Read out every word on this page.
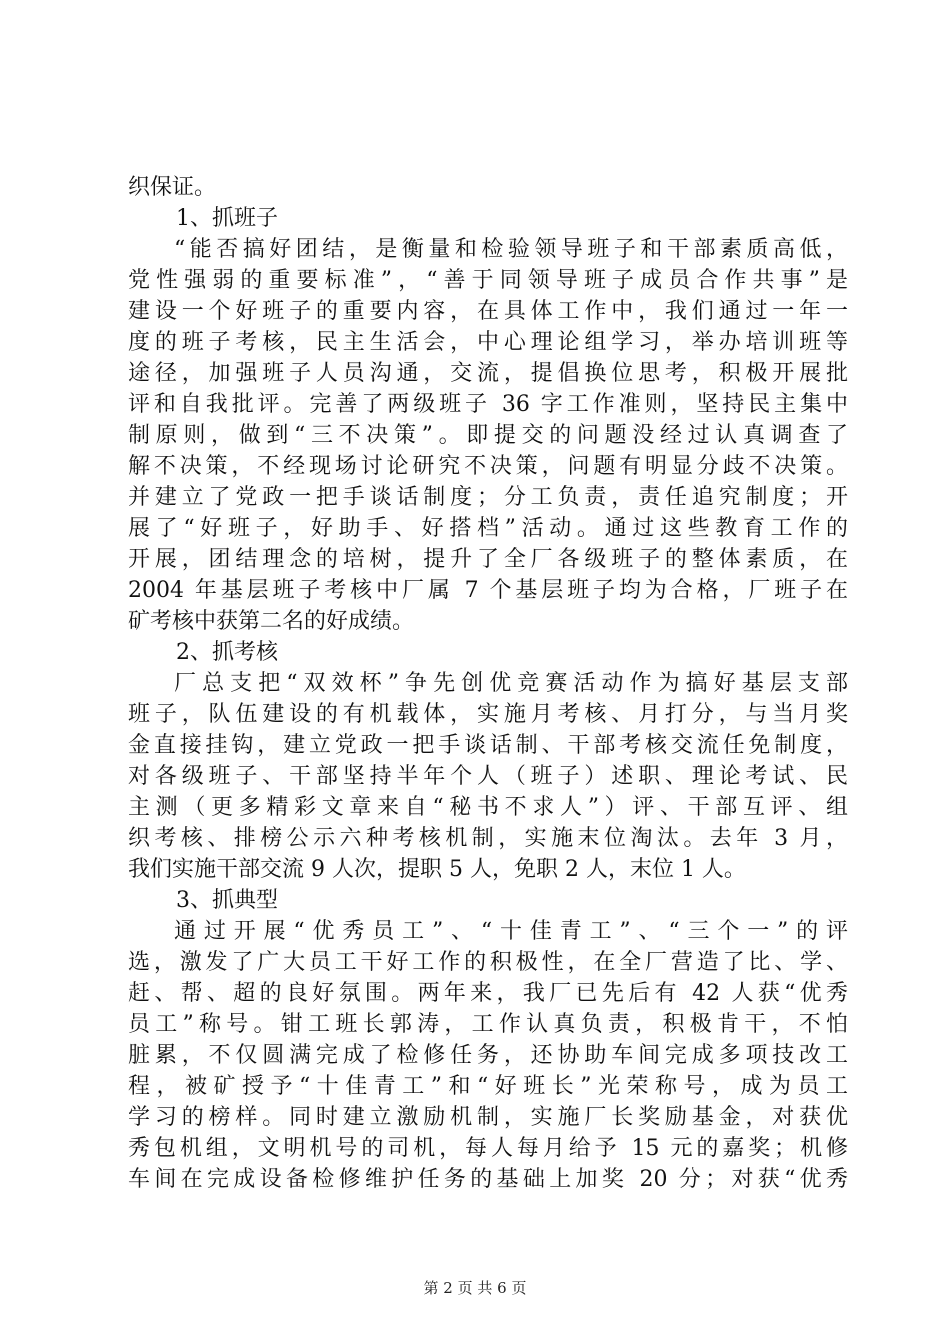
织保证。
1、抓班子
“能否搞好团结，是衡量和检验领导班子和干部素质高低，
党性强弱的重要标准”，“善于同领导班子成员合作共事”是
建设一个好班子的重要内容，在具体工作中，我们通过一年一
度的班子考核，民主生活会，中心理论组学习，举办培训班等
途径，加强班子人员沟通，交流，提倡换位思考，积极开展批
评和自我批评。完善了两级班子 36 字工作准则，坚持民主集中
制原则，做到“三不决策”。即提交的问题没经过认真调查了
解不决策，不经现场讨论研究不决策，问题有明显分歧不决策。
并建立了党政一把手谈话制度；分工负责，责任追究制度；开
展了“好班子，好助手、好搭档”活动。通过这些教育工作的
开展，团结理念的培树，提升了全厂各级班子的整体素质，在
2004 年基层班子考核中厂属 7 个基层班子均为合格，厂班子在
矿考核中获第二名的好成绩。
2、抓考核
厂总支把“双效杯”争先创优竞赛活动作为搞好基层支部
班子，队伍建设的有机载体，实施月考核、月打分，与当月奖
金直接挂钩，建立党政一把手谈话制、干部考核交流任免制度，
对各级班子、干部坚持半年个人（班子）述职、理论考试、民
主测（更多精彩文章来自“秘书不求人”）评、干部互评、组
织考核、排榜公示六种考核机制，实施末位淘汰。去年 3 月，
我们实施干部交流 9 人次，提职 5 人，免职 2 人，末位 1 人。
3、抓典型
通过开展“优秀员工”、“十佳青工”、“三个一”的评
选，激发了广大员工干好工作的积极性，在全厂营造了比、学、
赶、帮、超的良好氛围。两年来，我厂已先后有 42 人获“优秀
员工”称号。钳工班长郭涛，工作认真负责，积极肯干，不怕
脏累，不仅圆满完成了检修任务，还协助车间完成多项技改工
程，被矿授予“十佳青工”和“好班长”光荣称号，成为员工
学习的榜样。同时建立激励机制，实施厂长奖励基金，对获优
秀包机组，文明机号的司机，每人每月给予 15 元的嘉奖；机修
车间在完成设备检修维护任务的基础上加奖 20 分；对获“优秀
第 2 页 共 6 页
